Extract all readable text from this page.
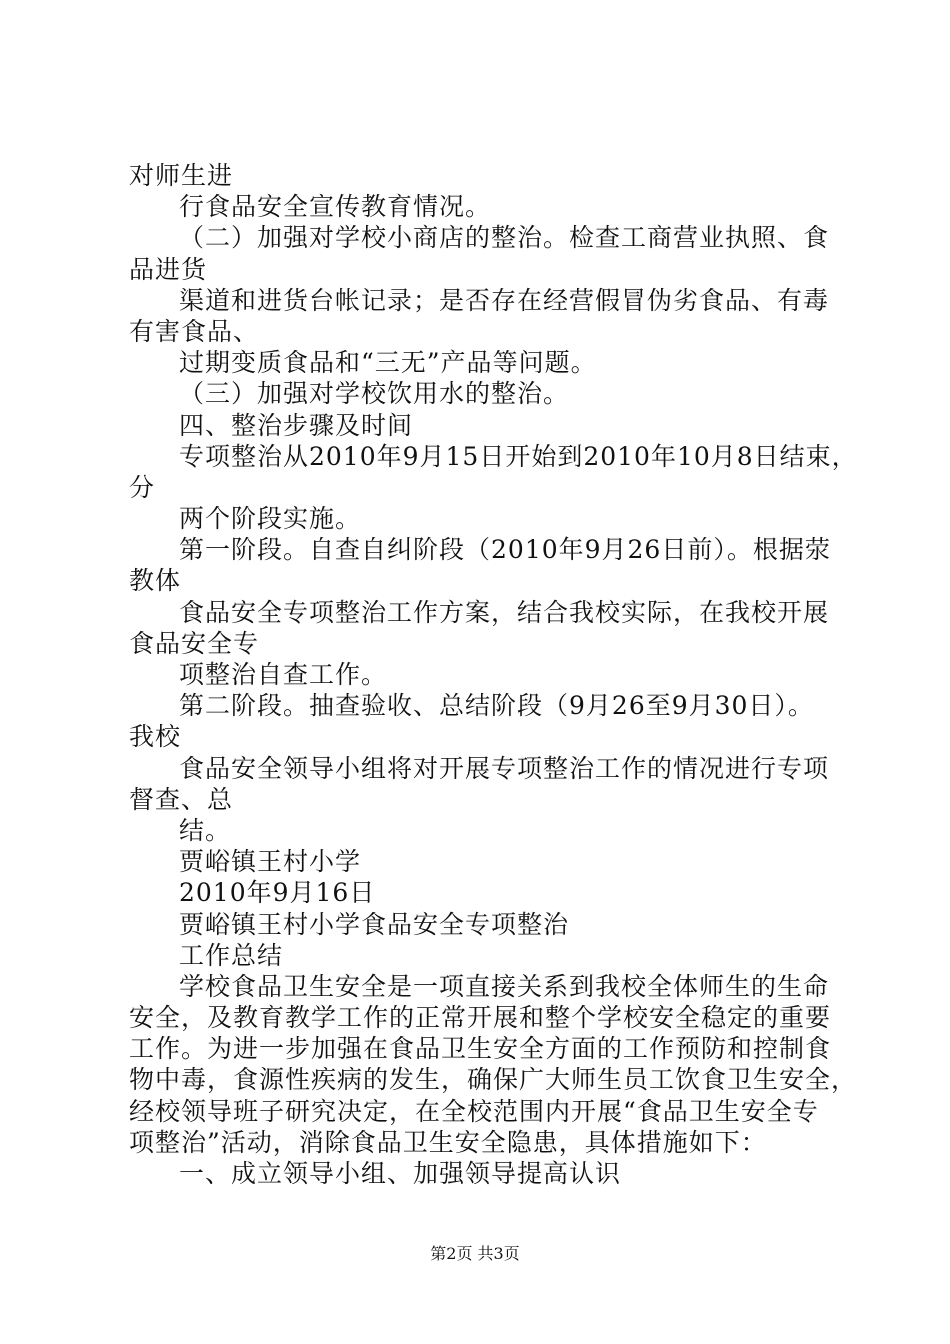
对师生进
行食品安全宣传教育情况。
（二）加强对学校小商店的整治。检查工商营业执照、食
品进货
渠道和进货台帐记录；是否存在经营假冒伪劣食品、有毒
有害食品、
过期变质食品和“三无”产品等问题。
（三）加强对学校饮用水的整治。
四、整治步骤及时间
专项整治从2010年9月15日开始到2010年10月8日结束，
分
两个阶段实施。
第一阶段。自查自纠阶段（2010年9月26日前）。根据荥
教体
食品安全专项整治工作方案，结合我校实际，在我校开展
食品安全专
项整治自查工作。
第二阶段。抽查验收、总结阶段（9月26至9月30日）。
我校
食品安全领导小组将对开展专项整治工作的情况进行专项
督查、总
结。
贾峪镇王村小学
2010年9月16日
贾峪镇王村小学食品安全专项整治
工作总结
学校食品卫生安全是一项直接关系到我校全体师生的生命
安全，及教育教学工作的正常开展和整个学校安全稳定的重要
工作。为进一步加强在食品卫生安全方面的工作预防和控制食
物中毒，食源性疾病的发生，确保广大师生员工饮食卫生安全，
经校领导班子研究决定，在全校范围内开展“食品卫生安全专
项整治”活动，消除食品卫生安全隐患，具体措施如下：
一、成立领导小组、加强领导提高认识
第2页 共3页
